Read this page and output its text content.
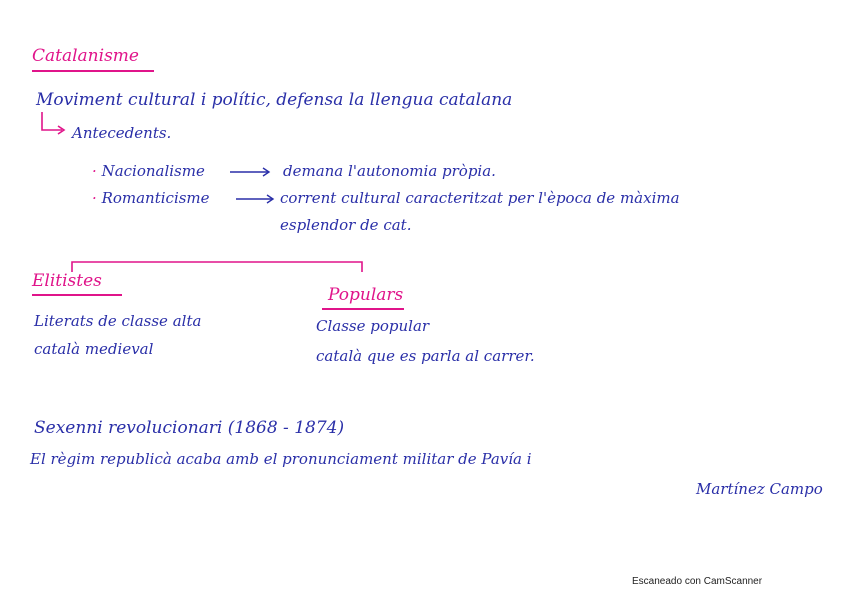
Catalanisme
Moviment cultural i polític, defensa la llengua catalana
Antecedents.
· Nacionalisme	demana l'autonomia pròpia.
· Romanticisme	corrent cultural caracteritzat per l'època de màxima
esplendor de cat.
Elitistes
Literats de classe alta
català medieval
Populars
Classe popular
català que es parla al carrer.
Sexenni revolucionari (1868 - 1874)
El règim republicà acaba amb el pronunciament militar de Pavía i
Martínez Campo
Escaneado con CamScanner
